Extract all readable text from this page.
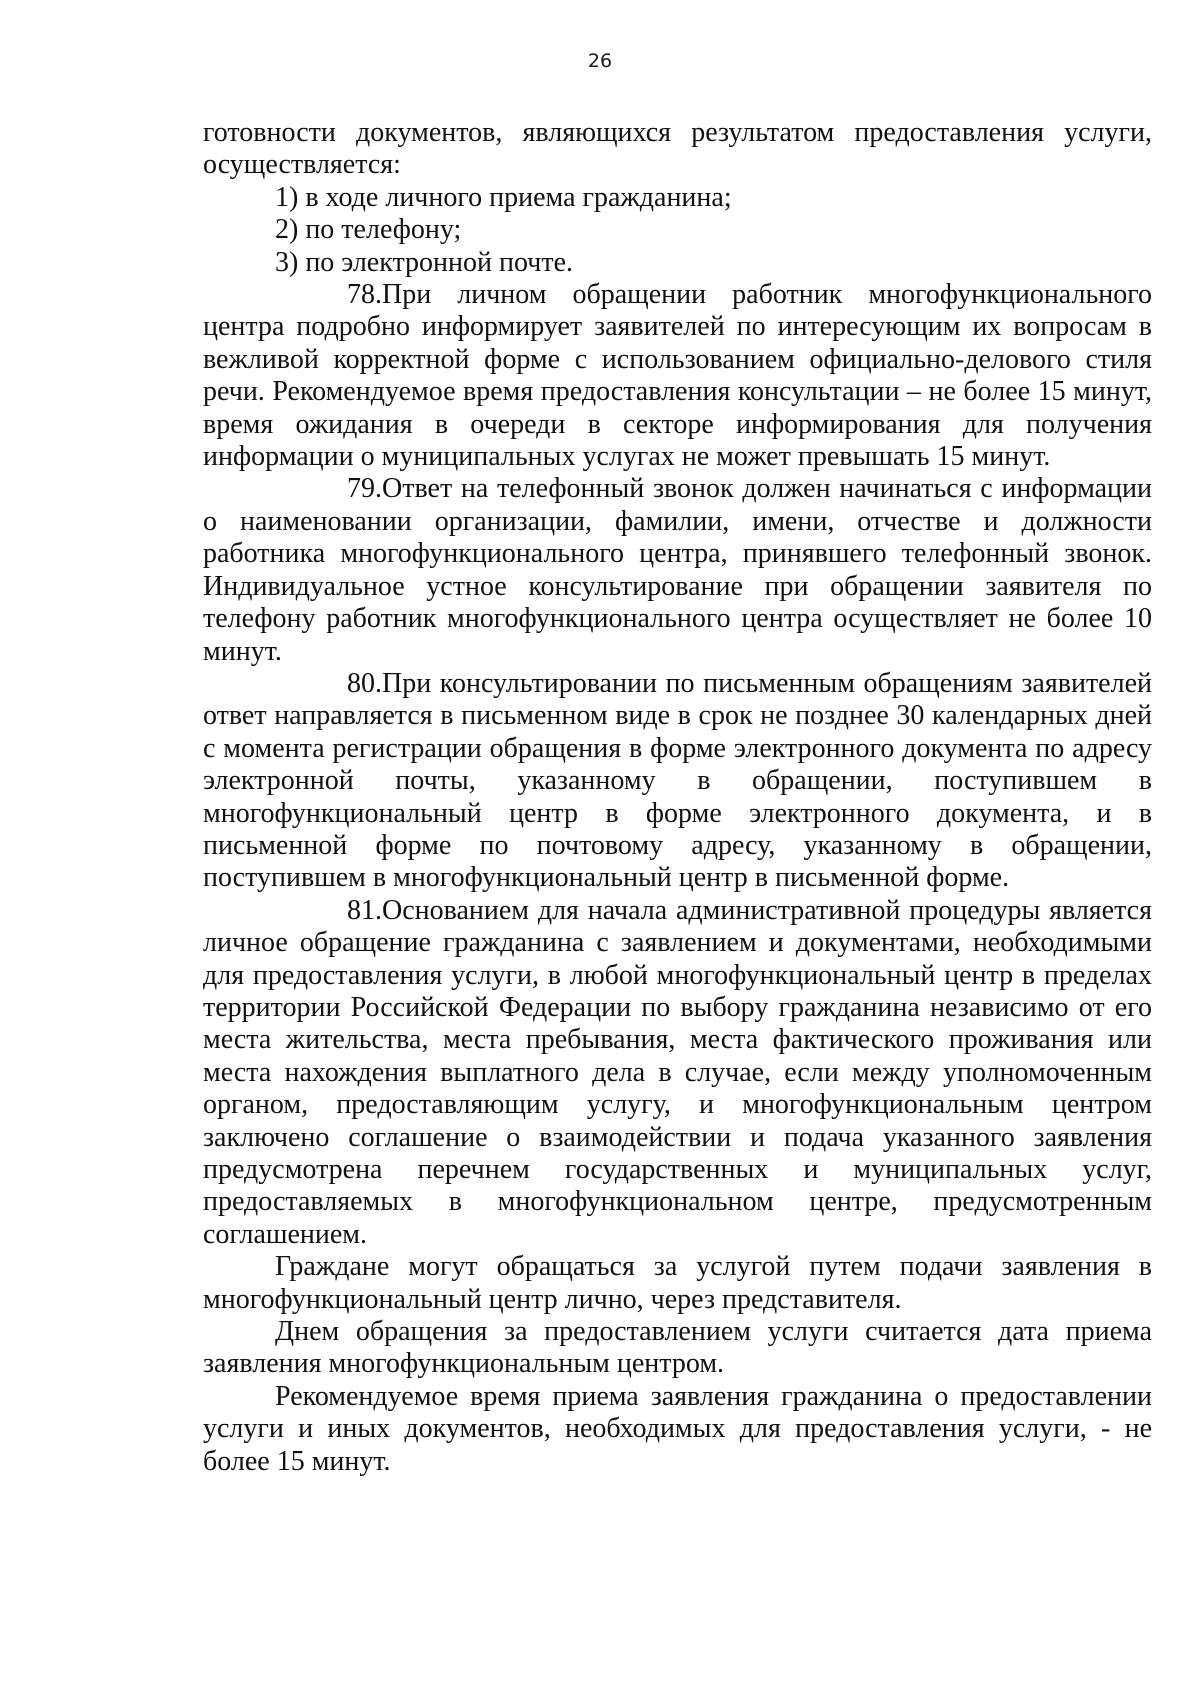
26

готовности документов, являющихся результатом предоставления услуги, осуществляется:

1) в ходе личного приема гражданина;

2) по телефону;

3) по электронной почте.

78.При личном обращении работник многофункционального центра подробно информирует заявителей по интересующим их вопросам в вежливой корректной форме с использованием официально-делового стиля речи. Рекомендуемое время предоставления консультации – не более 15 минут, время ожидания в очереди в секторе информирования для получения информации о муниципальных услугах не может превышать 15 минут.

79.Ответ на телефонный звонок должен начинаться с информации о наименовании организации, фамилии, имени, отчестве и должности работника многофункционального центра, принявшего телефонный звонок. Индивидуальное устное консультирование при обращении заявителя по телефону работник многофункционального центра осуществляет не более 10 минут.

80.При консультировании по письменным обращениям заявителей ответ направляется в письменном виде в срок не позднее 30 календарных дней с момента регистрации обращения в форме электронного документа по адресу электронной почты, указанному в обращении, поступившем в многофункциональный центр в форме электронного документа, и в письменной форме по почтовому адресу, указанному в обращении, поступившем в многофункциональный центр в письменной форме.

81.Основанием для начала административной процедуры является личное обращение гражданина с заявлением и документами, необходимыми для предоставления услуги, в любой многофункциональный центр в пределах территории Российской Федерации по выбору гражданина независимо от его места жительства, места пребывания, места фактического проживания или места нахождения выплатного дела в случае, если между уполномоченным органом, предоставляющим услугу, и многофункциональным центром заключено соглашение о взаимодействии и подача указанного заявления предусмотрена перечнем государственных и муниципальных услуг, предоставляемых в многофункциональном центре, предусмотренным соглашением.

Граждане могут обращаться за услугой путем подачи заявления в многофункциональный центр лично, через представителя.

Днем обращения за предоставлением услуги считается дата приема заявления многофункциональным центром.

Рекомендуемое время приема заявления гражданина о предоставлении услуги и иных документов, необходимых для предоставления услуги, - не более 15 минут.
